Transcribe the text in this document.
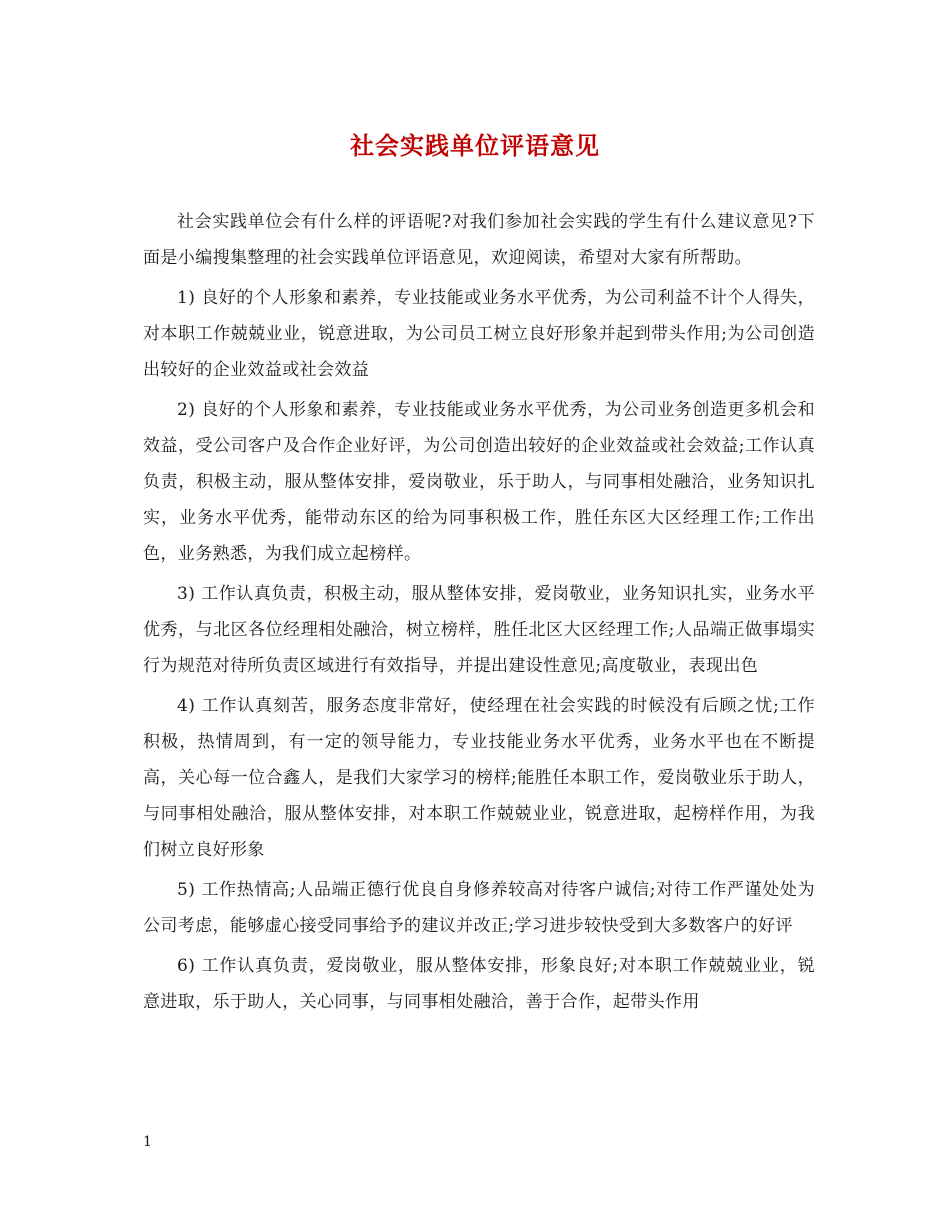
社会实践单位评语意见

社会实践单位会有什么样的评语呢?对我们参加社会实践的学生有什么建议意见?下面是小编搜集整理的社会实践单位评语意见，欢迎阅读，希望对大家有所帮助。

1) 良好的个人形象和素养，专业技能或业务水平优秀，为公司利益不计个人得失，对本职工作兢兢业业，锐意进取，为公司员工树立良好形象并起到带头作用;为公司创造出较好的企业效益或社会效益

2) 良好的个人形象和素养，专业技能或业务水平优秀，为公司业务创造更多机会和效益，受公司客户及合作企业好评，为公司创造出较好的企业效益或社会效益;工作认真负责，积极主动，服从整体安排，爱岗敬业，乐于助人，与同事相处融洽，业务知识扎实，业务水平优秀，能带动东区的给为同事积极工作，胜任东区大区经理工作;工作出色，业务熟悉，为我们成立起榜样。

3) 工作认真负责，积极主动，服从整体安排，爱岗敬业，业务知识扎实，业务水平优秀，与北区各位经理相处融洽，树立榜样，胜任北区大区经理工作;人品端正做事塌实行为规范对待所负责区域进行有效指导，并提出建设性意见;高度敬业，表现出色

4) 工作认真刻苦，服务态度非常好，使经理在社会实践的时候没有后顾之忧;工作积极，热情周到，有一定的领导能力，专业技能业务水平优秀，业务水平也在不断提高，关心每一位合鑫人，是我们大家学习的榜样;能胜任本职工作，爱岗敬业乐于助人，与同事相处融洽，服从整体安排，对本职工作兢兢业业，锐意进取，起榜样作用，为我们树立良好形象

5) 工作热情高;人品端正德行优良自身修养较高对待客户诚信;对待工作严谨处处为公司考虑，能够虚心接受同事给予的建议并改正;学习进步较快受到大多数客户的好评

6) 工作认真负责，爱岗敬业，服从整体安排，形象良好;对本职工作兢兢业业，锐意进取，乐于助人，关心同事，与同事相处融洽，善于合作，起带头作用

1
